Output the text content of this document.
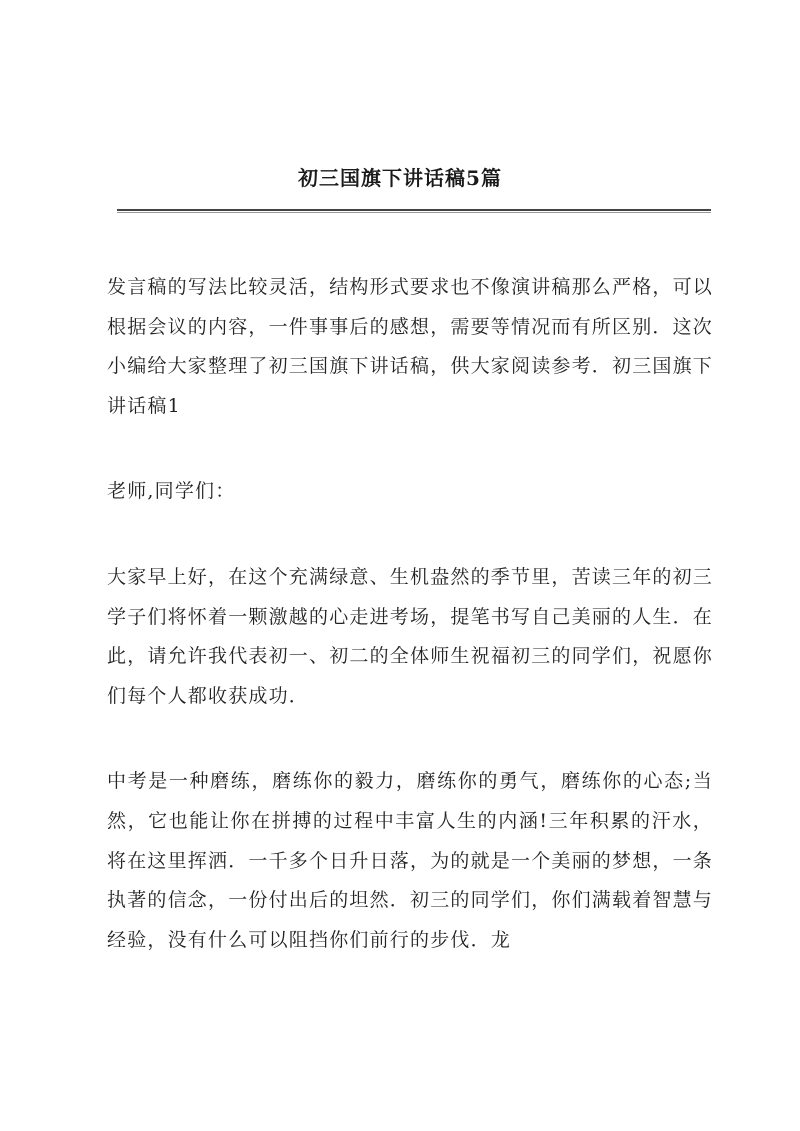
初三国旗下讲话稿5篇

发言稿的写法比较灵活，结构形式要求也不像演讲稿那么严格，可以根据会议的内容，一件事事后的感想，需要等情况而有所区别．这次小编给大家整理了初三国旗下讲话稿，供大家阅读参考．初三国旗下讲话稿1

老师,同学们：

大家早上好，在这个充满绿意、生机盎然的季节里，苦读三年的初三学子们将怀着一颗激越的心走进考场，提笔书写自己美丽的人生．在此，请允许我代表初一、初二的全体师生祝福初三的同学们，祝愿你们每个人都收获成功．

中考是一种磨练，磨练你的毅力，磨练你的勇气，磨练你的心态;当然，它也能让你在拼搏的过程中丰富人生的内涵!三年积累的汗水，将在这里挥洒．一千多个日升日落，为的就是一个美丽的梦想，一条执著的信念，一份付出后的坦然．初三的同学们，你们满载着智慧与经验，没有什么可以阻挡你们前行的步伐．龙
